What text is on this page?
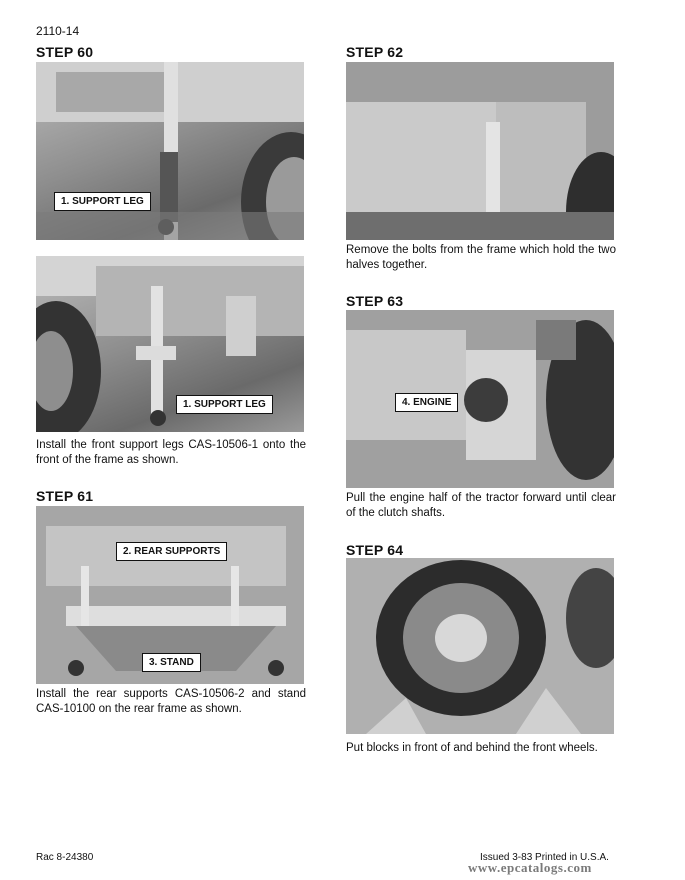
2110-14
STEP 60
1. SUPPORT LEG
1. SUPPORT LEG
Install the front support legs CAS-10506-1 onto the front of the frame as shown.
STEP 61
2. REAR SUPPORTS
3. STAND
Install the rear supports CAS-10506-2 and stand CAS-10100 on the rear frame as shown.
STEP 62
Remove the bolts from the frame which hold the two halves together.
STEP 63
4. ENGINE
Pull the engine half of the tractor forward until clear of the clutch shafts.
STEP 64
Put blocks in front of and behind the front wheels.
Rac 8-24380	Issued 3-83 Printed in U.S.A.
www.epcatalogs.com
